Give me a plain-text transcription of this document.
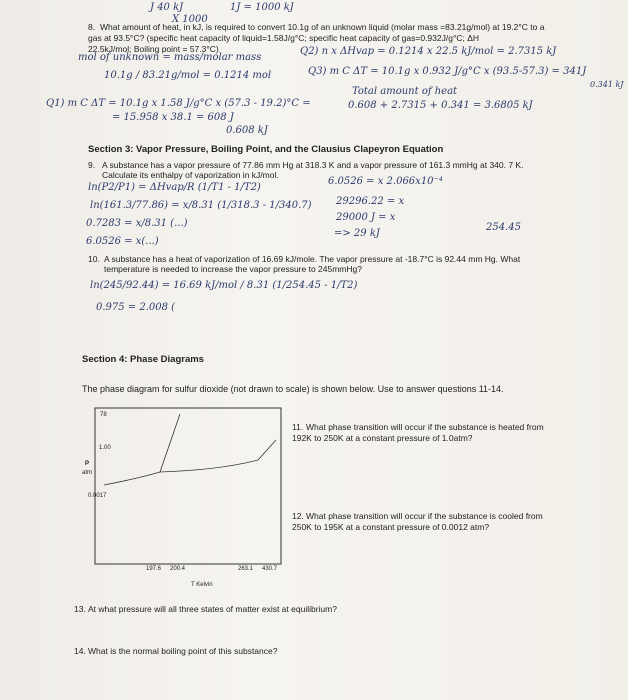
J 40 kJ	1J = 1000 kJ
X 1000
8. What amount of heat, in kJ, is required to convert 10.1g of an unknown liquid (molar mass =83.21g/mol) at 19.2°C to a
gas at 93.5°C? (specific heat capacity of liquid=1.58J/g°C; specific heat capacity of gas=0.932J/g°C; ΔH
22.5kJ/mol; Boiling point = 57.3°C)
mol of unknown = mass/molar mass
Q2) n x ΔHvap = 0.1214 x 22.5 kJ/mol = 2.7315 kJ
10.1g / 83.21g/mol = 0.1214 mol	Q3) m C ΔT = 10.1g x 0.932 J/g°C x (93.5-57.3) = 341J
Q1) m C ΔT = 10.1g x 1.58 J/g°C x (57.3 - 19.2)°C =
= 15.958 x 38.1 = 608 J
0.608 kJ
Total amount of heat
0.608 + 2.7315 + 0.341 = 3.6805 kJ
0.341 kJ
Section 3: Vapor Pressure, Boiling Point, and the Clausius Clapeyron Equation
9. A substance has a vapor pressure of 77.86 mm Hg at 318.3 K and a vapor pressure of 161.3 mmHg at 340. 7 K.
Calculate its enthalpy of vaporization in kJ/mol.
ln(P2/P1) = ΔHvap/R (1/T1 - 1/T2)
6.0526 = x 2.066x10⁻⁴
ln(161.3/77.86) = x/8.31 (1/318.3 - 1/340.7) 29296.22 = x
0.7283 = x/8.31 (...)
29000 J = x
6.0526 = x(...)
=> 29 kJ
254.45
10. A substance has a heat of vaporization of 16.69 kJ/mole. The vapor pressure at -18.7°C is 92.44 mm Hg. What
temperature is needed to increase the vapor pressure to 245mmHg?
ln(245/92.44) = 16.69 kJ/mol / 8.31 (1/254.45 - 1/T2)
0.975 = 2.008 (
Section 4: Phase Diagrams
The phase diagram for sulfur dioxide (not drawn to scale) is shown below. Use to answer questions 11-14.
78
1.00
0.0017
P
atm
197.6 200.4	263.1 430.7
T Kelvin
11. What phase transition will occur if the substance is heated from
192K to 250K at a constant pressure of 1.0atm?
12. What phase transition will occur if the substance is cooled from
250K to 195K at a constant pressure of 0.0012 atm?
13. At what pressure will all three states of matter exist at equilibrium?
14. What is the normal boiling point of this substance?
